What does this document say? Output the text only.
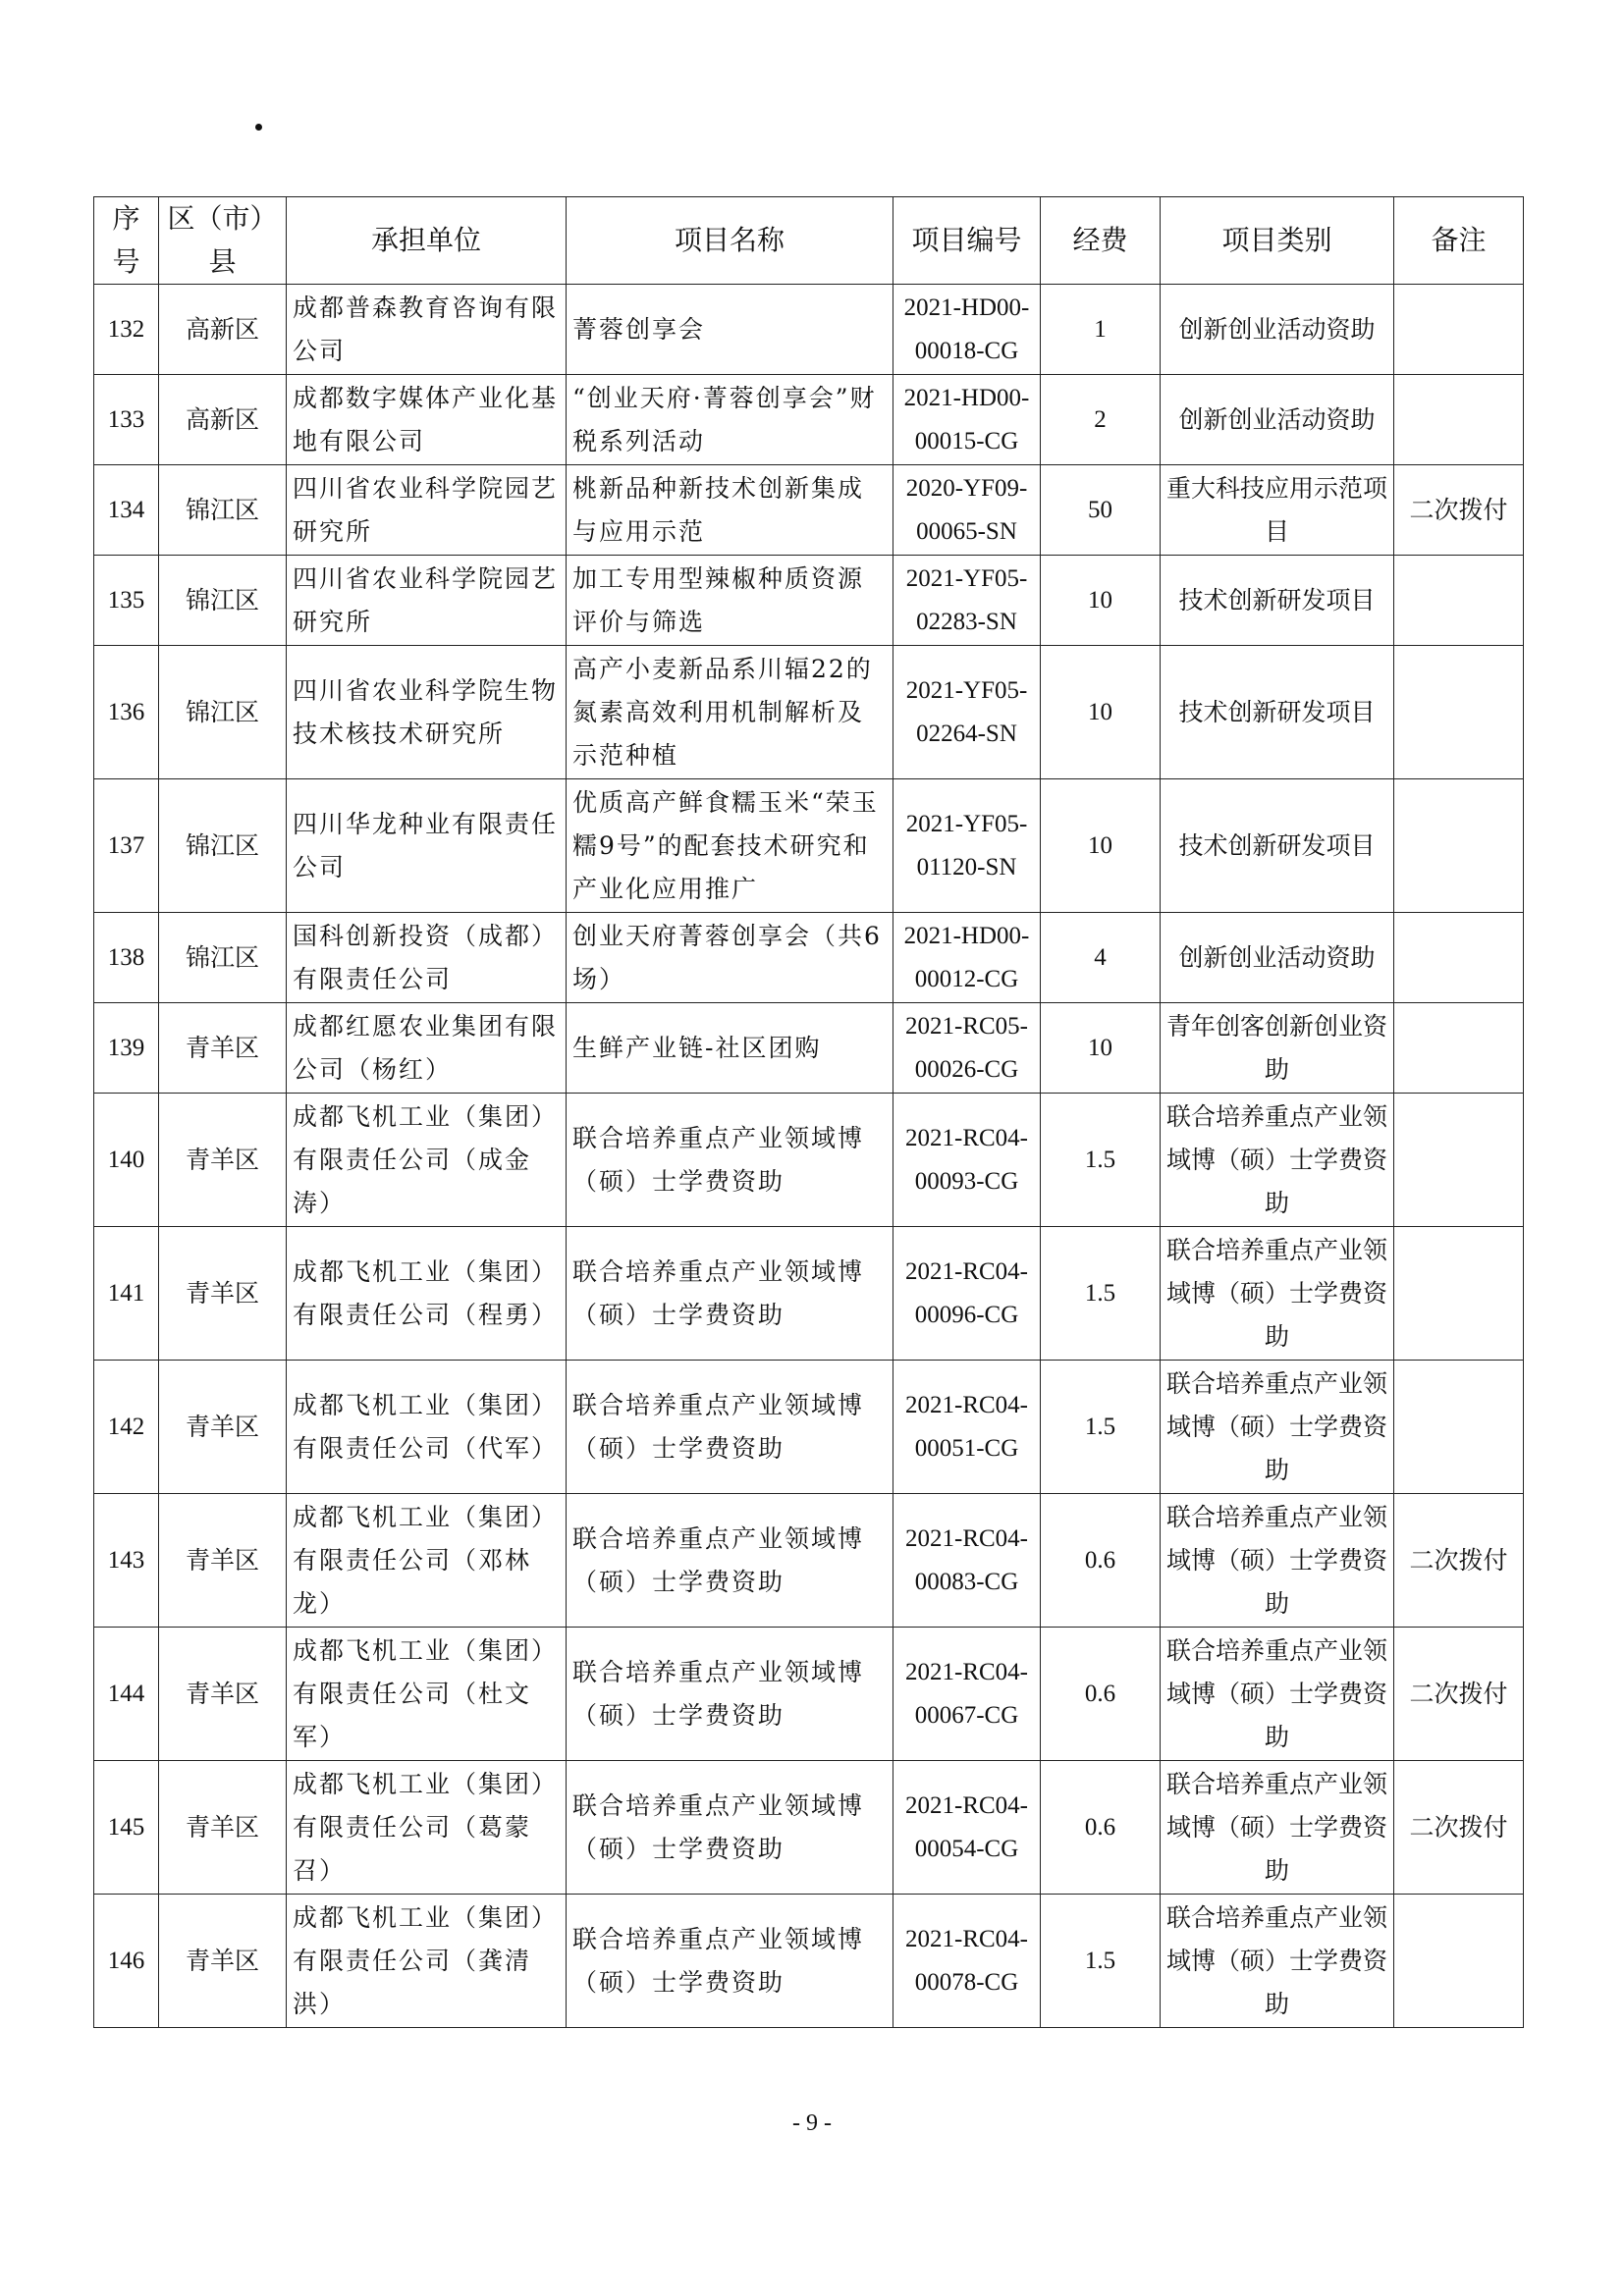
序号	区（市）县	承担单位	项目名称	项目编号	经费	项目类别	备注
132	高新区	成都普森教育咨询有限公司	菁蓉创享会	2021-HD00-00018-CG	1	创新创业活动资助	
133	高新区	成都数字媒体产业化基地有限公司	“创业天府·菁蓉创享会”财税系列活动	2021-HD00-00015-CG	2	创新创业活动资助	
134	锦江区	四川省农业科学院园艺研究所	桃新品种新技术创新集成与应用示范	2020-YF09-00065-SN	50	重大科技应用示范项目	二次拨付
135	锦江区	四川省农业科学院园艺研究所	加工专用型辣椒种质资源评价与筛选	2021-YF05-02283-SN	10	技术创新研发项目	
136	锦江区	四川省农业科学院生物技术核技术研究所	高产小麦新品系川辐22的氮素高效利用机制解析及示范种植	2021-YF05-02264-SN	10	技术创新研发项目	
137	锦江区	四川华龙种业有限责任公司	优质高产鲜食糯玉米“荣玉糯9号”的配套技术研究和产业化应用推广	2021-YF05-01120-SN	10	技术创新研发项目	
138	锦江区	国科创新投资（成都）有限责任公司	创业天府菁蓉创享会（共6场）	2021-HD00-00012-CG	4	创新创业活动资助	
139	青羊区	成都红愿农业集团有限公司（杨红）	生鲜产业链-社区团购	2021-RC05-00026-CG	10	青年创客创新创业资助	
140	青羊区	成都飞机工业（集团）有限责任公司（成金涛）	联合培养重点产业领域博（硕）士学费资助	2021-RC04-00093-CG	1.5	联合培养重点产业领域博（硕）士学费资助	
141	青羊区	成都飞机工业（集团）有限责任公司（程勇）	联合培养重点产业领域博（硕）士学费资助	2021-RC04-00096-CG	1.5	联合培养重点产业领域博（硕）士学费资助	
142	青羊区	成都飞机工业（集团）有限责任公司（代军）	联合培养重点产业领域博（硕）士学费资助	2021-RC04-00051-CG	1.5	联合培养重点产业领域博（硕）士学费资助	
143	青羊区	成都飞机工业（集团）有限责任公司（邓林龙）	联合培养重点产业领域博（硕）士学费资助	2021-RC04-00083-CG	0.6	联合培养重点产业领域博（硕）士学费资助	二次拨付
144	青羊区	成都飞机工业（集团）有限责任公司（杜文军）	联合培养重点产业领域博（硕）士学费资助	2021-RC04-00067-CG	0.6	联合培养重点产业领域博（硕）士学费资助	二次拨付
145	青羊区	成都飞机工业（集团）有限责任公司（葛蒙召）	联合培养重点产业领域博（硕）士学费资助	2021-RC04-00054-CG	0.6	联合培养重点产业领域博（硕）士学费资助	二次拨付
146	青羊区	成都飞机工业（集团）有限责任公司（龚清洪）	联合培养重点产业领域博（硕）士学费资助	2021-RC04-00078-CG	1.5	联合培养重点产业领域博（硕）士学费资助	
- 9 -
